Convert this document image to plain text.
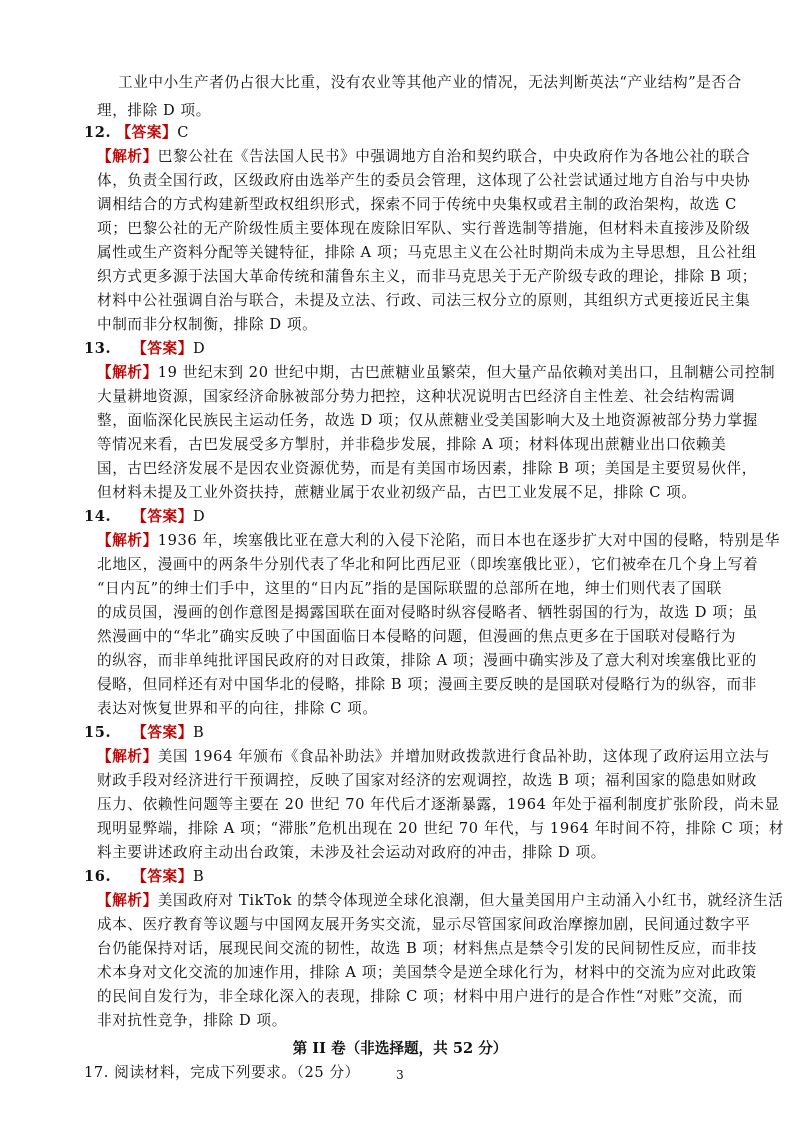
工业中小生产者仍占很大比重，没有农业等其他产业的情况，无法判断英法“产业结构”是否合
理，排除 D 项。
12. 【答案】C
【解析】巴黎公社在《告法国人民书》中强调地方自治和契约联合，中央政府作为各地公社的联合
体，负责全国行政，区级政府由选举产生的委员会管理，这体现了公社尝试通过地方自治与中央协
调相结合的方式构建新型政权组织形式，探索不同于传统中央集权或君主制的政治架构，故选 C
项；巴黎公社的无产阶级性质主要体现在废除旧军队、实行普选制等措施，但材料未直接涉及阶级
属性或生产资料分配等关键特征，排除 A 项；马克思主义在公社时期尚未成为主导思想，且公社组
织方式更多源于法国大革命传统和蒲鲁东主义，而非马克思关于无产阶级专政的理论，排除 B 项；
材料中公社强调自治与联合，未提及立法、行政、司法三权分立的原则，其组织方式更接近民主集
中制而非分权制衡，排除 D 项。
13. 【答案】D
【解析】19 世纪末到 20 世纪中期，古巴蔗糖业虽繁荣，但大量产品依赖对美出口，且制糖公司控制
大量耕地资源，国家经济命脉被部分势力把控，这种状况说明古巴经济自主性差、社会结构需调
整，面临深化民族民主运动任务，故选 D 项；仅从蔗糖业受美国影响大及土地资源被部分势力掌握
等情况来看，古巴发展受多方掣肘，并非稳步发展，排除 A 项；材料体现出蔗糖业出口依赖美
国，古巴经济发展不是因农业资源优势，而是有美国市场因素，排除 B 项；美国是主要贸易伙伴，
但材料未提及工业外资扶持，蔗糖业属于农业初级产品，古巴工业发展不足，排除 C 项。
14. 【答案】D
【解析】1936 年，埃塞俄比亚在意大利的入侵下沦陷，而日本也在逐步扩大对中国的侵略，特别是华
北地区，漫画中的两条牛分别代表了华北和阿比西尼亚（即埃塞俄比亚），它们被牵在几个身上写着
“日内瓦”的绅士们手中，这里的“日内瓦”指的是国际联盟的总部所在地，绅士们则代表了国联
的成员国，漫画的创作意图是揭露国联在面对侵略时纵容侵略者、牺牲弱国的行为，故选 D 项；虽
然漫画中的“华北”确实反映了中国面临日本侵略的问题，但漫画的焦点更多在于国联对侵略行为
的纵容，而非单纯批评国民政府的对日政策，排除 A 项；漫画中确实涉及了意大利对埃塞俄比亚的
侵略，但同样还有对中国华北的侵略，排除 B 项；漫画主要反映的是国联对侵略行为的纵容，而非
表达对恢复世界和平的向往，排除 C 项。
15. 【答案】B
【解析】美国 1964 年颁布《食品补助法》并增加财政拨款进行食品补助，这体现了政府运用立法与
财政手段对经济进行干预调控，反映了国家对经济的宏观调控，故选 B 项；福利国家的隐患如财政
压力、依赖性问题等主要在 20 世纪 70 年代后才逐渐暴露，1964 年处于福利制度扩张阶段，尚未显
现明显弊端，排除 A 项；“滞胀”危机出现在 20 世纪 70 年代，与 1964 年时间不符，排除 C 项；材
料主要讲述政府主动出台政策，未涉及社会运动对政府的冲击，排除 D 项。
16. 【答案】B
【解析】美国政府对 TikTok 的禁令体现逆全球化浪潮，但大量美国用户主动涌入小红书，就经济生活
成本、医疗教育等议题与中国网友展开务实交流，显示尽管国家间政治摩擦加剧，民间通过数字平
台仍能保持对话，展现民间交流的韧性，故选 B 项；材料焦点是禁令引发的民间韧性反应，而非技
术本身对文化交流的加速作用，排除 A 项；美国禁令是逆全球化行为，材料中的交流为应对此政策
的民间自发行为，非全球化深入的表现，排除 C 项；材料中用户进行的是合作性“对账”交流，而
非对抗性竞争，排除 D 项。
第 II 卷（非选择题，共 52 分）
17. 阅读材料，完成下列要求。（25 分）	3
